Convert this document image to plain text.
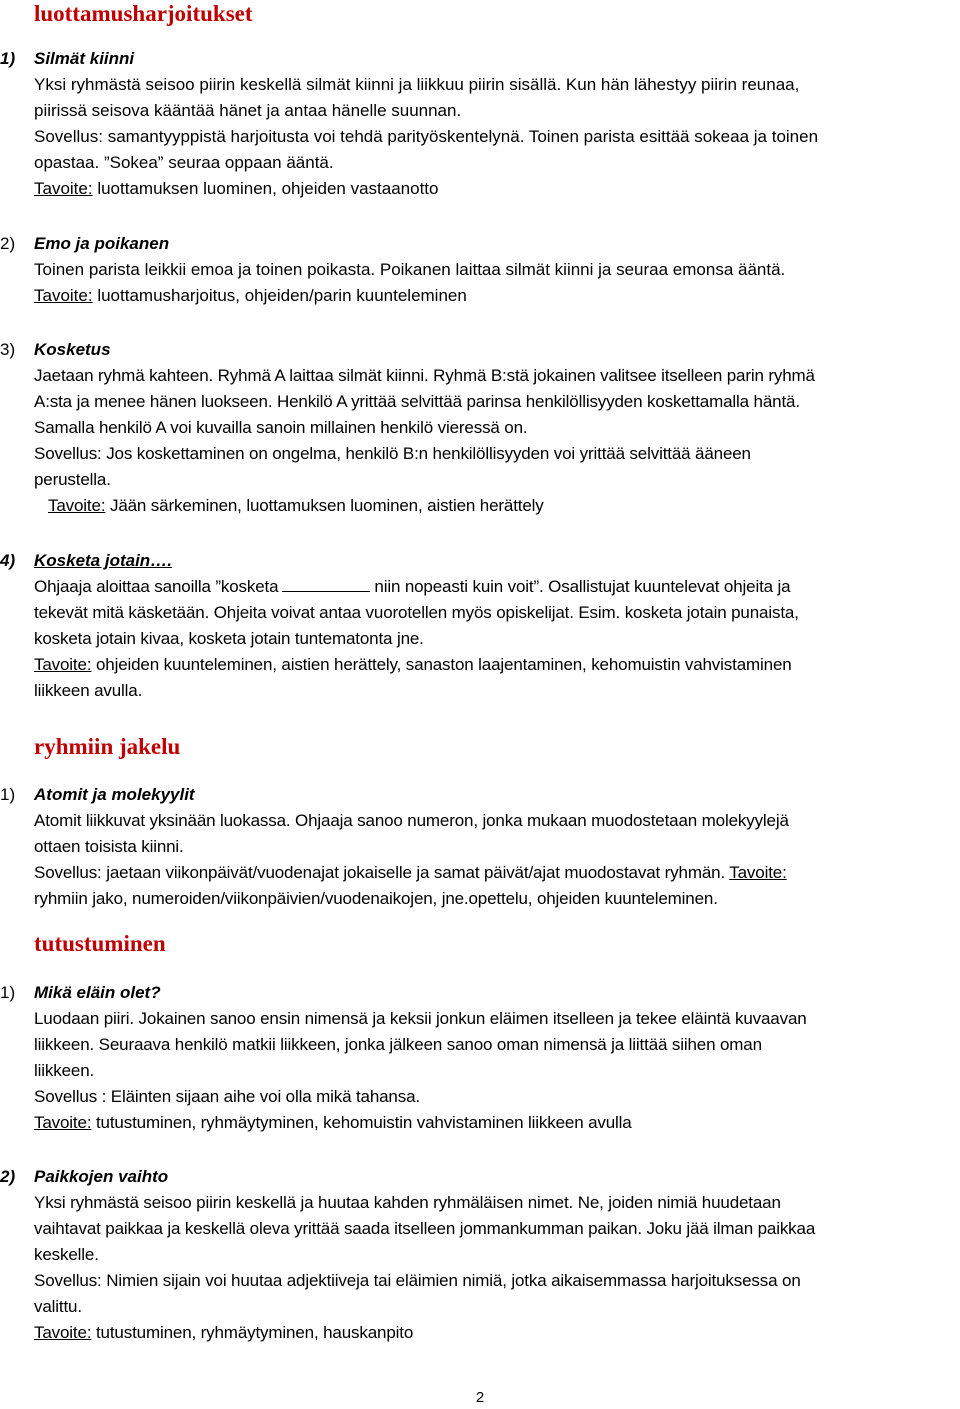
luottamusharjoitukset
1)	Silmät kiinni

Yksi ryhmästä seisoo piirin keskellä silmät kiinni ja liikkuu piirin sisällä. Kun hän lähestyy piirin reunaa,

piirissä seisova kääntää hänet ja antaa hänelle suunnan.

Sovellus: samantyyppistä harjoitusta voi tehdä parityöskentelynä. Toinen parista esittää sokeaa ja toinen

opastaa. ”Sokea” seuraa oppaan ääntä.

Tavoite: luottamuksen luominen, ohjeiden vastaanotto

2)	Emo ja poikanen

Toinen parista leikkii emoa ja toinen poikasta. Poikanen laittaa silmät kiinni ja seuraa emonsa ääntä.

Tavoite: luottamusharjoitus, ohjeiden/parin kuunteleminen

3)	Kosketus

Jaetaan ryhmä kahteen. Ryhmä A laittaa silmät kiinni. Ryhmä B:stä jokainen valitsee itselleen parin ryhmä

A:sta ja menee hänen luokseen. Henkilö A yrittää selvittää parinsa henkilöllisyyden koskettamalla häntä.

Samalla henkilö A voi kuvailla sanoin millainen henkilö vieressä on.

Sovellus: Jos koskettaminen on ongelma, henkilö B:n henkilöllisyyden voi yrittää selvittää ääneen

perustella.

Tavoite: Jään särkeminen, luottamuksen luominen, aistien herättely

4)	Kosketa jotain….

Ohjaaja aloittaa sanoilla ”kosketa	niin nopeasti kuin voit”. Osallistujat kuuntelevat ohjeita ja

tekevät mitä käsketään. Ohjeita voivat antaa vuorotellen myös opiskelijat. Esim. kosketa jotain punaista,

kosketa jotain kivaa, kosketa jotain tuntematonta jne.

Tavoite: ohjeiden kuunteleminen, aistien herättely, sanaston laajentaminen, kehomuistin vahvistaminen

liikkeen avulla.

ryhmiin jakelu
1)	Atomit ja molekyylit

Atomit liikkuvat yksinään luokassa. Ohjaaja sanoo numeron, jonka mukaan muodostetaan molekyylejä

ottaen toisista kiinni.

Sovellus: jaetaan viikonpäivät/vuodenajat jokaiselle ja samat päivät/ajat muodostavat ryhmän. Tavoite:

ryhmiin jako, numeroiden/viikonpäivien/vuodenaikojen, jne.opettelu, ohjeiden kuunteleminen.

tutustuminen
1)	Mikä eläin olet?

Luodaan piiri. Jokainen sanoo ensin nimensä ja keksii jonkun eläimen itselleen ja tekee eläintä kuvaavan

liikkeen. Seuraava henkilö matkii liikkeen, jonka jälkeen sanoo oman nimensä ja liittää siihen oman

liikkeen.

Sovellus : Eläinten sijaan aihe voi olla mikä tahansa.

Tavoite: tutustuminen, ryhmäytyminen, kehomuistin vahvistaminen liikkeen avulla

2)	Paikkojen vaihto

Yksi ryhmästä seisoo piirin keskellä ja huutaa kahden ryhmäläisen nimet. Ne, joiden nimiä huudetaan

vaihtavat paikkaa ja keskellä oleva yrittää saada itselleen jommankumman paikan. Joku jää ilman paikkaa

keskelle.

Sovellus: Nimien sijain voi huutaa adjektiiveja tai eläimien nimiä, jotka aikaisemmassa harjoituksessa on

valittu.

Tavoite: tutustuminen, ryhmäytyminen, hauskanpito

2
